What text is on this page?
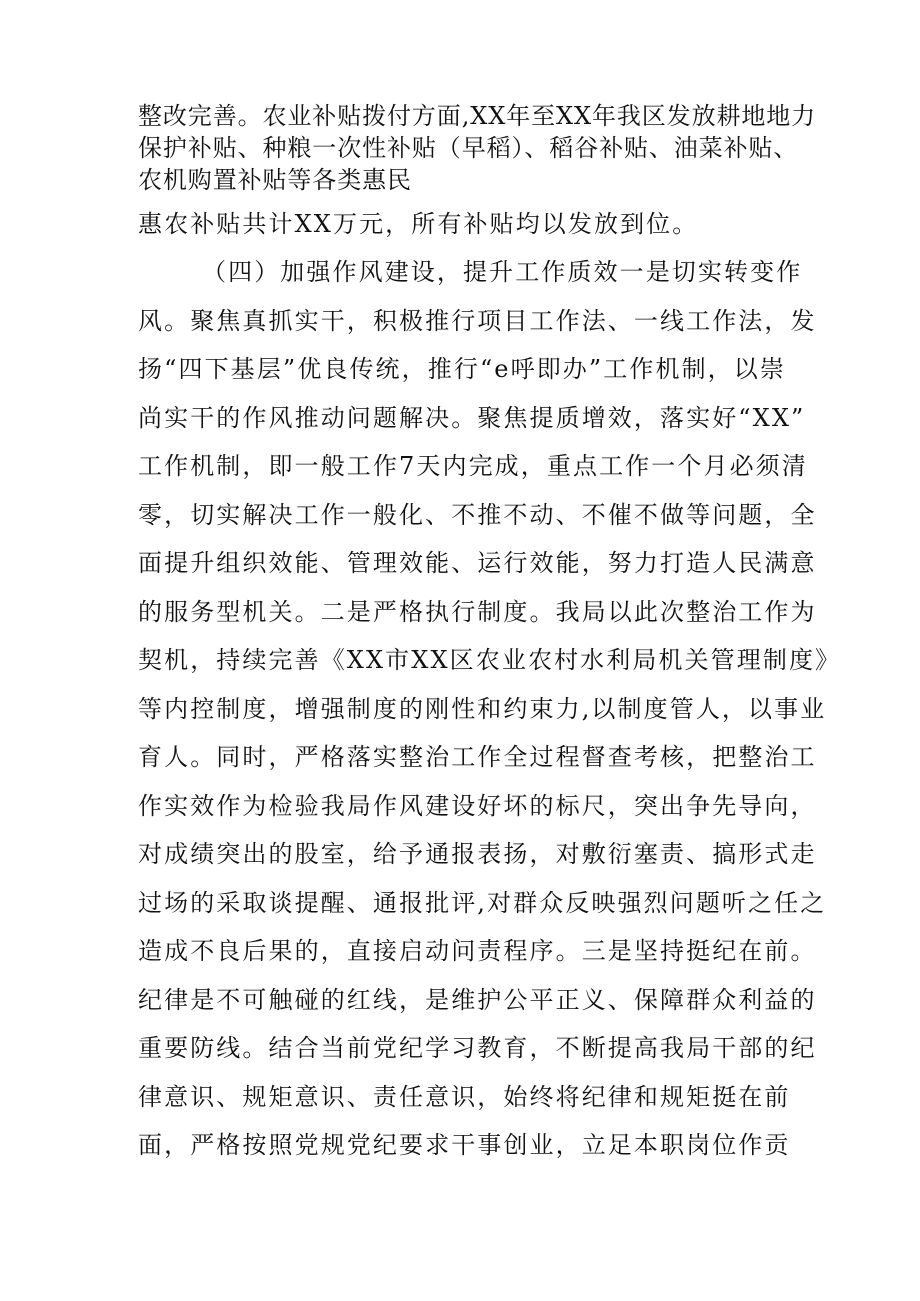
整改完善。农业补贴拨付方面,XX年至XX年我区发放耕地地力
保护补贴、种粮一次性补贴（早稻）、稻谷补贴、油菜补贴、
农机购置补贴等各类惠民
惠农补贴共计XX万元，所有补贴均以发放到位。
（四）加强作风建设，提升工作质效一是切实转变作
风。聚焦真抓实干，积极推行项目工作法、一线工作法，发
扬“四下基层”优良传统，推行“e呼即办”工作机制，以崇
尚实干的作风推动问题解决。聚焦提质增效，落实好“XX”
工作机制，即一般工作7天内完成，重点工作一个月必须清
零，切实解决工作一般化、不推不动、不催不做等问题，全
面提升组织效能、管理效能、运行效能，努力打造人民满意
的服务型机关。二是严格执行制度。我局以此次整治工作为
契机，持续完善《XX市XX区农业农村水利局机关管理制度》
等内控制度，增强制度的刚性和约束力,以制度管人，以事业
育人。同时，严格落实整治工作全过程督查考核，把整治工
作实效作为检验我局作风建设好坏的标尺，突出争先导向，
对成绩突出的股室，给予通报表扬，对敷衍塞责、搞形式走
过场的采取谈提醒、通报批评,对群众反映强烈问题听之任之
造成不良后果的，直接启动问责程序。三是坚持挺纪在前。
纪律是不可触碰的红线，是维护公平正义、保障群众利益的
重要防线。结合当前党纪学习教育，不断提高我局干部的纪
律意识、规矩意识、责任意识，始终将纪律和规矩挺在前
面，严格按照党规党纪要求干事创业，立足本职岗位作贡
